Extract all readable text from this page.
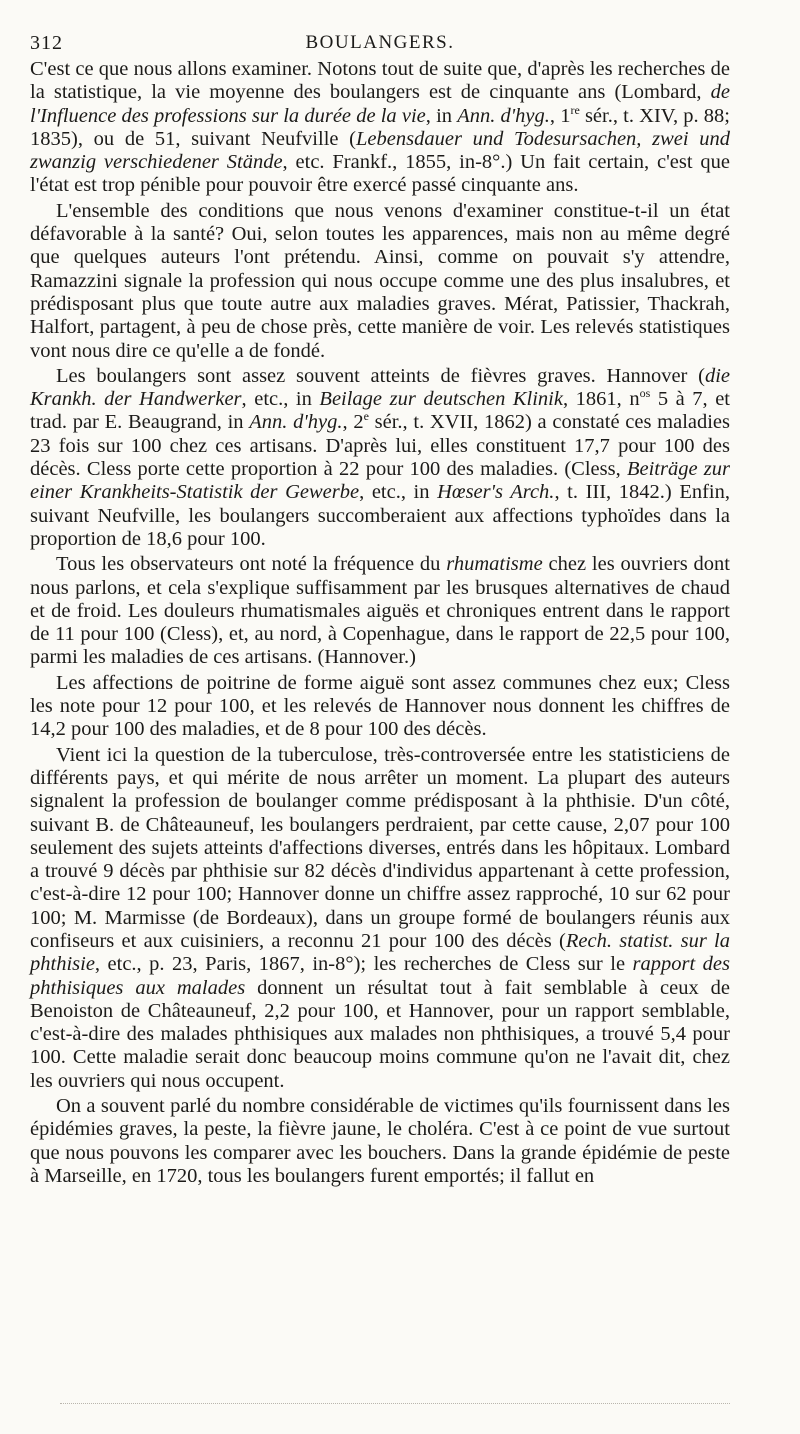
312	BOULANGERS.

C'est ce que nous allons examiner. Notons tout de suite que, d'après les recherches de la statistique, la vie moyenne des boulangers est de cinquante ans (Lombard, de l'Influence des professions sur la durée de la vie, in Ann. d'hyg., 1re sér., t. XIV, p. 88; 1835), ou de 51, suivant Neufville (Lebensdauer und Todesursachen, zwei und zwanzig verschiedener Stände, etc. Frankf., 1855, in-8°.) Un fait certain, c'est que l'état est trop pénible pour pouvoir être exercé passé cinquante ans.

L'ensemble des conditions que nous venons d'examiner constitue-t-il un état défavorable à la santé? Oui, selon toutes les apparences, mais non au même degré que quelques auteurs l'ont prétendu. Ainsi, comme on pouvait s'y attendre, Ramazzini signale la profession qui nous occupe comme une des plus insalubres, et prédisposant plus que toute autre aux maladies graves. Mérat, Patissier, Thackrah, Halfort, partagent, à peu de chose près, cette manière de voir. Les relevés statistiques vont nous dire ce qu'elle a de fondé.

Les boulangers sont assez souvent atteints de fièvres graves. Hannover (die Krankh. der Handwerker, etc., in Beilage zur deutschen Klinik, 1861, $n^{os}$ 5 à 7, et trad. par E. Beaugrand, in Ann. d'hyg., 2e sér., t. XVII, 1862) a constaté ces maladies 23 fois sur 100 chez ces artisans. D'après lui, elles constituent 17,7 pour 100 des décès. Cless porte cette proportion à 22 pour 100 des maladies. (Cless, Beiträge zur einer Krankheits-Statistik der Gewerbe, etc., in Hœser's Arch., t. III, 1842.) Enfin, suivant Neufville, les boulangers succomberaient aux affections typhoïdes dans la proportion de 18,6 pour 100.

Tous les observateurs ont noté la fréquence du rhumatisme chez les ouvriers dont nous parlons, et cela s'explique suffisamment par les brusques alternatives de chaud et de froid. Les douleurs rhumatismales aiguës et chroniques entrent dans le rapport de 11 pour 100 (Cless), et, au nord, à Copenhague, dans le rapport de 22,5 pour 100, parmi les maladies de ces artisans. (Hannover.)

Les affections de poitrine de forme aiguë sont assez communes chez eux; Cless les note pour 12 pour 100, et les relevés de Hannover nous donnent les chiffres de 14,2 pour 100 des maladies, et de 8 pour 100 des décès.

Vient ici la question de la tuberculose, très-controversée entre les statisticiens de différents pays, et qui mérite de nous arrêter un moment. La plupart des auteurs signalent la profession de boulanger comme prédisposant à la phthisie. D'un côté, suivant B. de Châteauneuf, les boulangers perdraient, par cette cause, 2,07 pour 100 seulement des sujets atteints d'affections diverses, entrés dans les hôpitaux. Lombard a trouvé 9 décès par phthisie sur 82 décès d'individus appartenant à cette profession, c'est-à-dire 12 pour 100; Hannover donne un chiffre assez rapproché, 10 sur 62 pour 100; M. Marmisse (de Bordeaux), dans un groupe formé de boulangers réunis aux confiseurs et aux cuisiniers, a reconnu 21 pour 100 des décès (Rech. statist. sur la phthisie, etc., p. 23, Paris, 1867, in-8°); les recherches de Cless sur le rapport des phthisiques aux malades donnent un résultat tout à fait semblable à ceux de Benoiston de Châteauneuf, 2,2 pour 100, et Hannover, pour un rapport semblable, c'est-à-dire des malades phthisiques aux malades non phthisiques, a trouvé 5,4 pour 100. Cette maladie serait donc beaucoup moins commune qu'on ne l'avait dit, chez les ouvriers qui nous occupent.

On a souvent parlé du nombre considérable de victimes qu'ils fournissent dans les épidémies graves, la peste, la fièvre jaune, le choléra. C'est à ce point de vue surtout que nous pouvons les comparer avec les bouchers. Dans la grande épidémie de peste à Marseille, en 1720, tous les boulangers furent emportés; il fallut en
